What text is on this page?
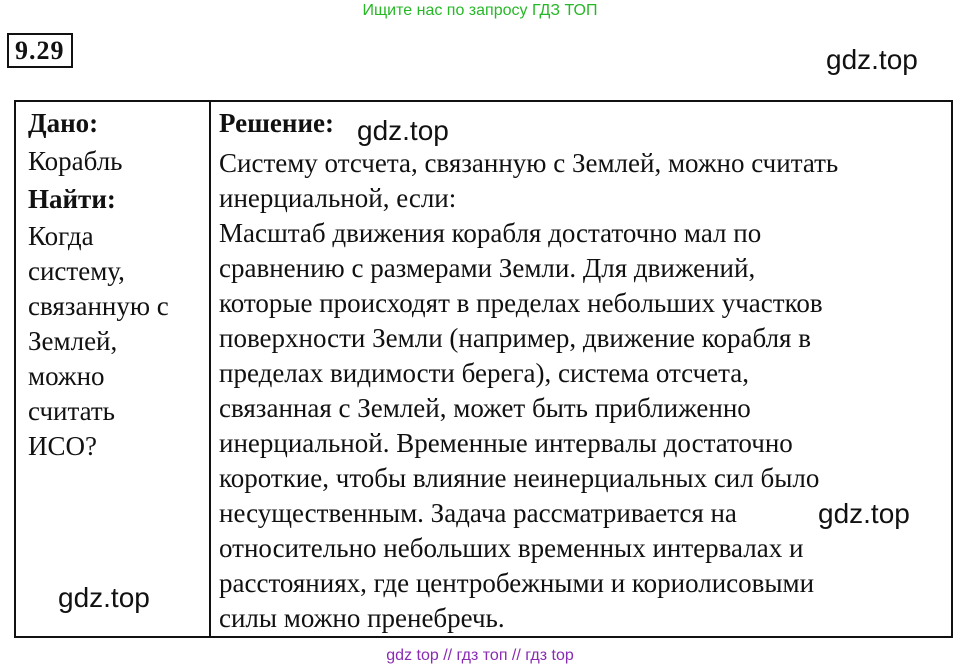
Ищите нас по запросу ГДЗ ТОП
9.29	gdz.top
Дано:
Корабль
Найти:
Когда
систему,
связанную с
Землей,
можно
считать
ИСО?
Решение:
Систему отсчета, связанную с Землей, можно считать
инерциальной, если:
Масштаб движения корабля достаточно мал по
сравнению с размерами Земли. Для движений,
которые происходят в пределах небольших участков
поверхности Земли (например, движение корабля в
пределах видимости берега), система отсчета,
связанная с Землей, может быть приближенно
инерциальной. Временные интервалы достаточно
короткие, чтобы влияние неинерциальных сил было
несущественным. Задача рассматривается на
относительно небольших временных интервалах и
расстояниях, где центробежными и кориолисовыми
силы можно пренебречь.
gdz.top
gdz.top
gdz.top
gdz top // гдз топ // гдз top
